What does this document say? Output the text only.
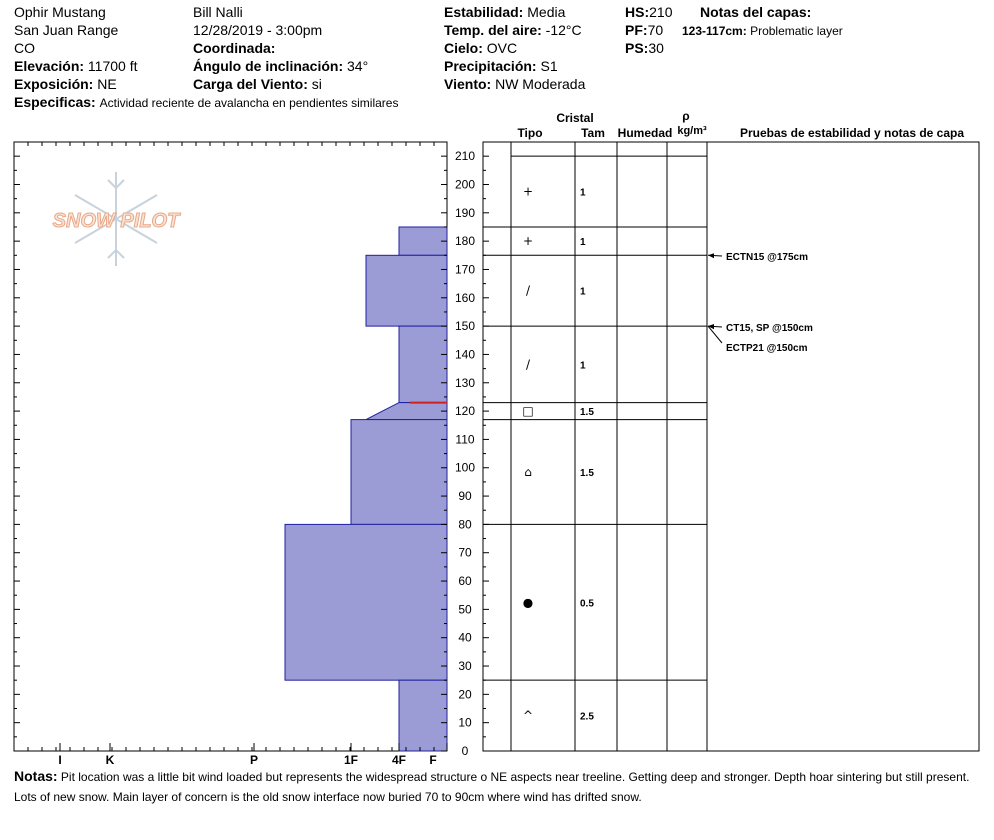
Ophir Mustang
San Juan Range
CO
Elevación: 11700 ft
Exposición: NE
Especificas: Actividad reciente de avalancha en pendientes similares
Bill Nalli
12/28/2019 - 3:00pm
Coordinada:
Ángulo de inclinación: 34°
Carga del Viento: si
Estabilidad: Media
Temp. del aire: -12°C
Cielo: OVC
Precipitación: S1
Viento: NW Moderada
HS:210
PF:70
PS:30
Notas del capas:
123-117cm: Problematic layer
Cristal
Tipo	Tam Humedad
ρ
kg/m³	Pruebas de estabilidad y notas de capa
SNOW PILOT
I	K	P	1F	4F F
0
10
20
30
40
50
60
70
80
90
100
110
120
130
140
150
160
170
180
190
200
210
+	1
+	1
/	1
/	1
□	1.5
⌂	1.5
●	0.5
^	2.5
ECTN15 @175cm
CT15, SP @150cm
ECTP21 @150cm
Notas: Pit location was a little bit wind loaded but represents the widespread structure o NE aspects near treeline. Getting deep and stronger. Depth hoar sintering but still present. Lots of new snow. Main layer of concern is the old snow interface now buried 70 to 90cm where wind has drifted snow.
